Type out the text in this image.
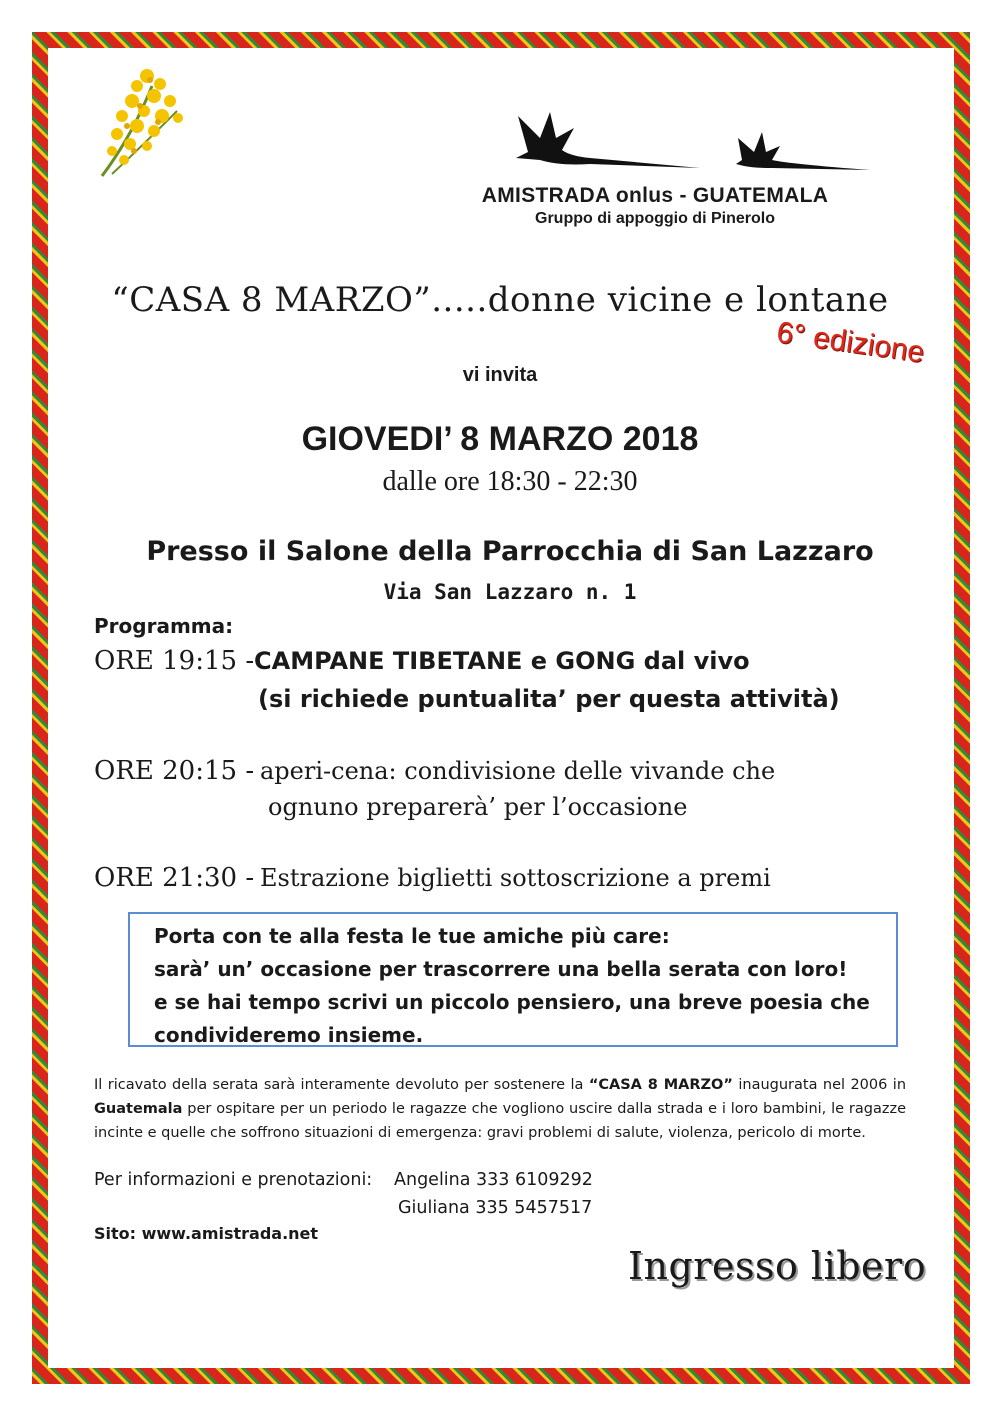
AMISTRADA onlus - GUATEMALA
Gruppo di appoggio di Pinerolo
“CASA 8 MARZO”.....donne vicine e lontane
6° edizione
vi invita
GIOVEDI’ 8 MARZO 2018
dalle ore 18:30 - 22:30
Presso il Salone della Parrocchia di San Lazzaro
Via San Lazzaro n. 1
Programma:
ORE 19:15 - CAMPANE TIBETANE e GONG dal vivo
(si richiede puntualita’ per questa attività)
ORE 20:15 - aperi-cena: condivisione delle vivande che
ognuno preparerà’ per l’occasione
ORE 21:30 - Estrazione biglietti sottoscrizione a premi
Porta con te alla festa le tue amiche più care:
sarà’ un’ occasione per trascorrere una bella serata con loro!
e se hai tempo scrivi un piccolo pensiero, una breve poesia che
condivideremo insieme.
Il ricavato della serata sarà interamente devoluto per sostenere la “CASA 8 MARZO” inaugurata nel 2006 in Guatemala per ospitare per un periodo le ragazze che vogliono uscire dalla strada e i loro bambini, le ragazze incinte e quelle che soffrono situazioni di emergenza: gravi problemi di salute, violenza, pericolo di morte.
Per informazioni e prenotazioni: Angelina 333 6109292
Giuliana 335 5457517
Sito: www.amistrada.net
Ingresso libero
